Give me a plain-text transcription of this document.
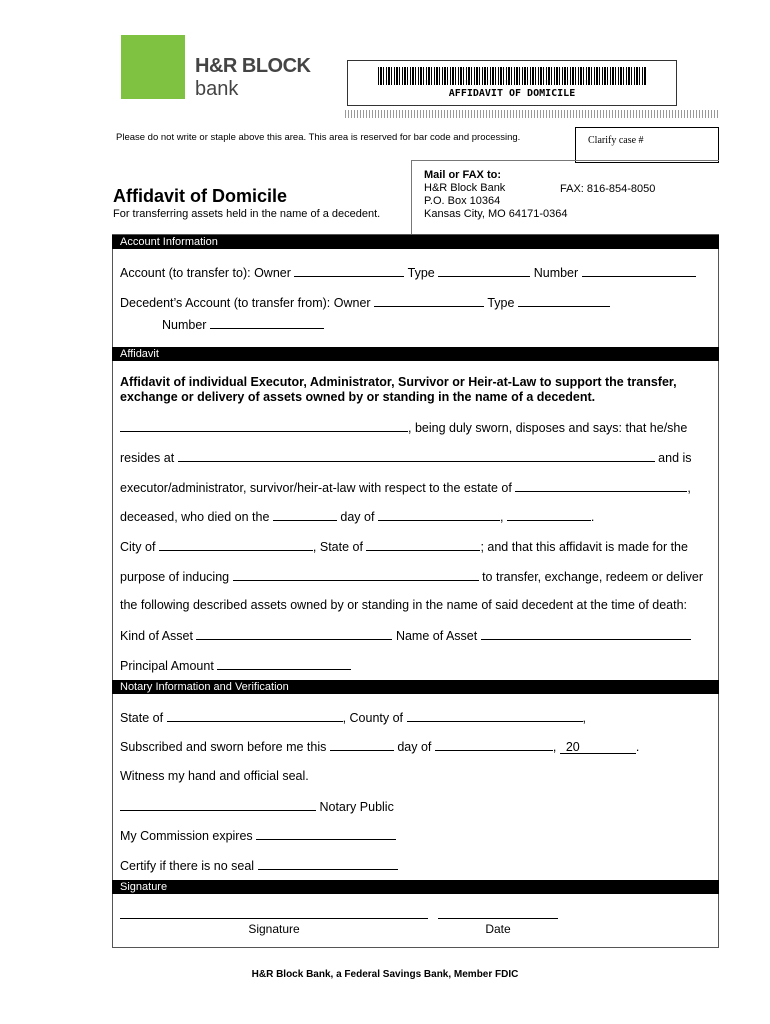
H&R BLOCK
bank	AFFIDAVIT OF DOMICILE
Please do not write or staple above this area. This area is reserved for bar code and processing.	Clarify case #
Mail or FAX to:
H&R Block Bank
P.O. Box 10364
Kansas City, MO 64171-0364
FAX: 816-854-8050
Affidavit of Domicile
For transferring assets held in the name of a decedent.
Account Information
Account (to transfer to): Owner	Type	Number
Decedent’s Account (to transfer from): Owner	Type
Number
Affidavit
Affidavit of individual Executor, Administrator, Survivor or Heir-at-Law to support the transfer,
exchange or delivery of assets owned by or standing in the name of a decedent.
, being duly sworn, disposes and says: that he/she
resides at	and is
executor/administrator, survivor/heir-at-law with respect to the estate of	,
deceased, who died on the	day of	,	.
City of	, State of	; and that this affidavit is made for the
purpose of inducing	to transfer, exchange, redeem or deliver
the following described assets owned by or standing in the name of said decedent at the time of death:
Kind of Asset	Name of Asset
Principal Amount
Notary Information and Verification
State of	, County of	,
Subscribed and sworn before me this	day of	, 20	.
Witness my hand and official seal.
Notary Public
My Commission expires
Certify if there is no seal
Signature
Signature	Date
H&R Block Bank, a Federal Savings Bank, Member FDIC
